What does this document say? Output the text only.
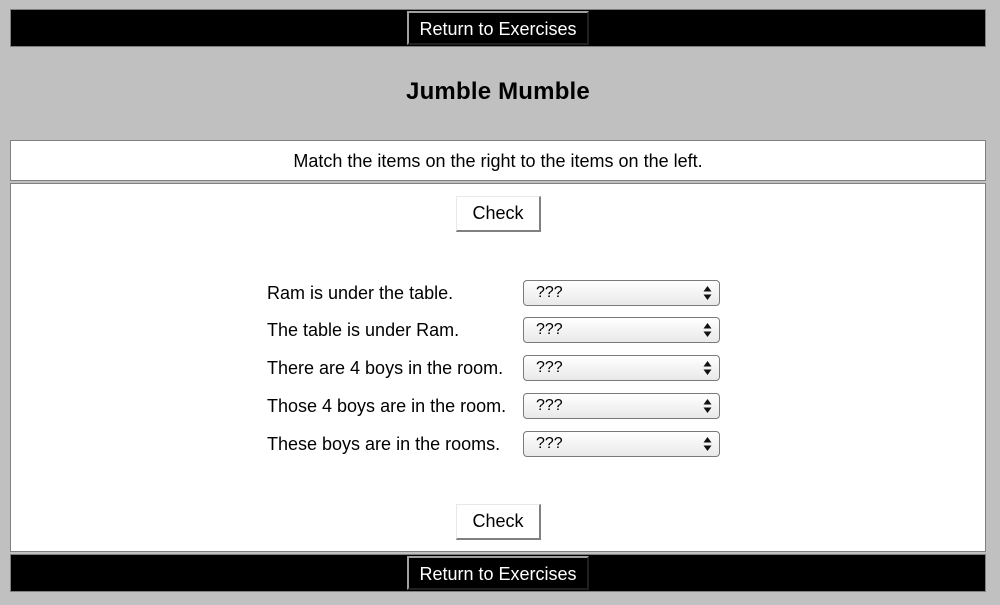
Return to Exercises
Jumble Mumble
Match the items on the right to the items on the left.
Check
Ram is under the table.	???
The table is under Ram.	???
There are 4 boys in the room. ???
Those 4 boys are in the room. ???
These boys are in the rooms. ???
Check
Return to Exercises
